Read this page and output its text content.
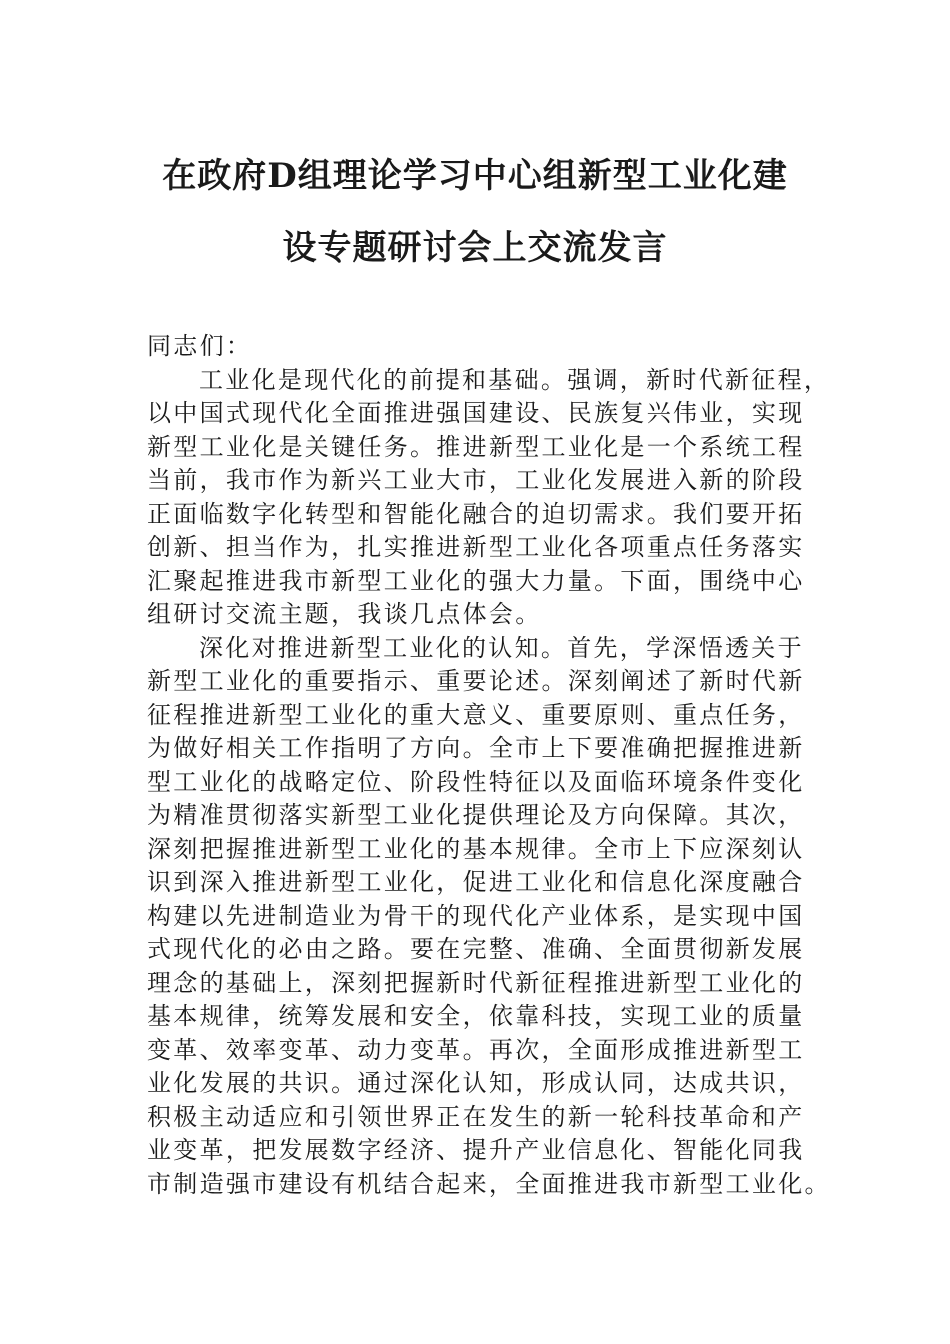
在政府D组理论学习中心组新型工业化建
设专题研讨会上交流发言
同志们：
工业化是现代化的前提和基础。强调，新时代新征程，
以中国式现代化全面推进强国建设、民族复兴伟业，实现
新型工业化是关键任务。推进新型工业化是一个系统工程
当前，我市作为新兴工业大市，工业化发展进入新的阶段
正面临数字化转型和智能化融合的迫切需求。我们要开拓
创新、担当作为，扎实推进新型工业化各项重点任务落实
汇聚起推进我市新型工业化的强大力量。下面，围绕中心
组研讨交流主题，我谈几点体会。
深化对推进新型工业化的认知。首先，学深悟透关于
新型工业化的重要指示、重要论述。深刻阐述了新时代新
征程推进新型工业化的重大意义、重要原则、重点任务，
为做好相关工作指明了方向。全市上下要准确把握推进新
型工业化的战略定位、阶段性特征以及面临环境条件变化
为精准贯彻落实新型工业化提供理论及方向保障。其次，
深刻把握推进新型工业化的基本规律。全市上下应深刻认
识到深入推进新型工业化，促进工业化和信息化深度融合
构建以先进制造业为骨干的现代化产业体系，是实现中国
式现代化的必由之路。要在完整、准确、全面贯彻新发展
理念的基础上，深刻把握新时代新征程推进新型工业化的
基本规律，统筹发展和安全，依靠科技，实现工业的质量
变革、效率变革、动力变革。再次，全面形成推进新型工
业化发展的共识。通过深化认知，形成认同，达成共识，
积极主动适应和引领世界正在发生的新一轮科技革命和产
业变革，把发展数字经济、提升产业信息化、智能化同我
市制造强市建设有机结合起来，全面推进我市新型工业化。
